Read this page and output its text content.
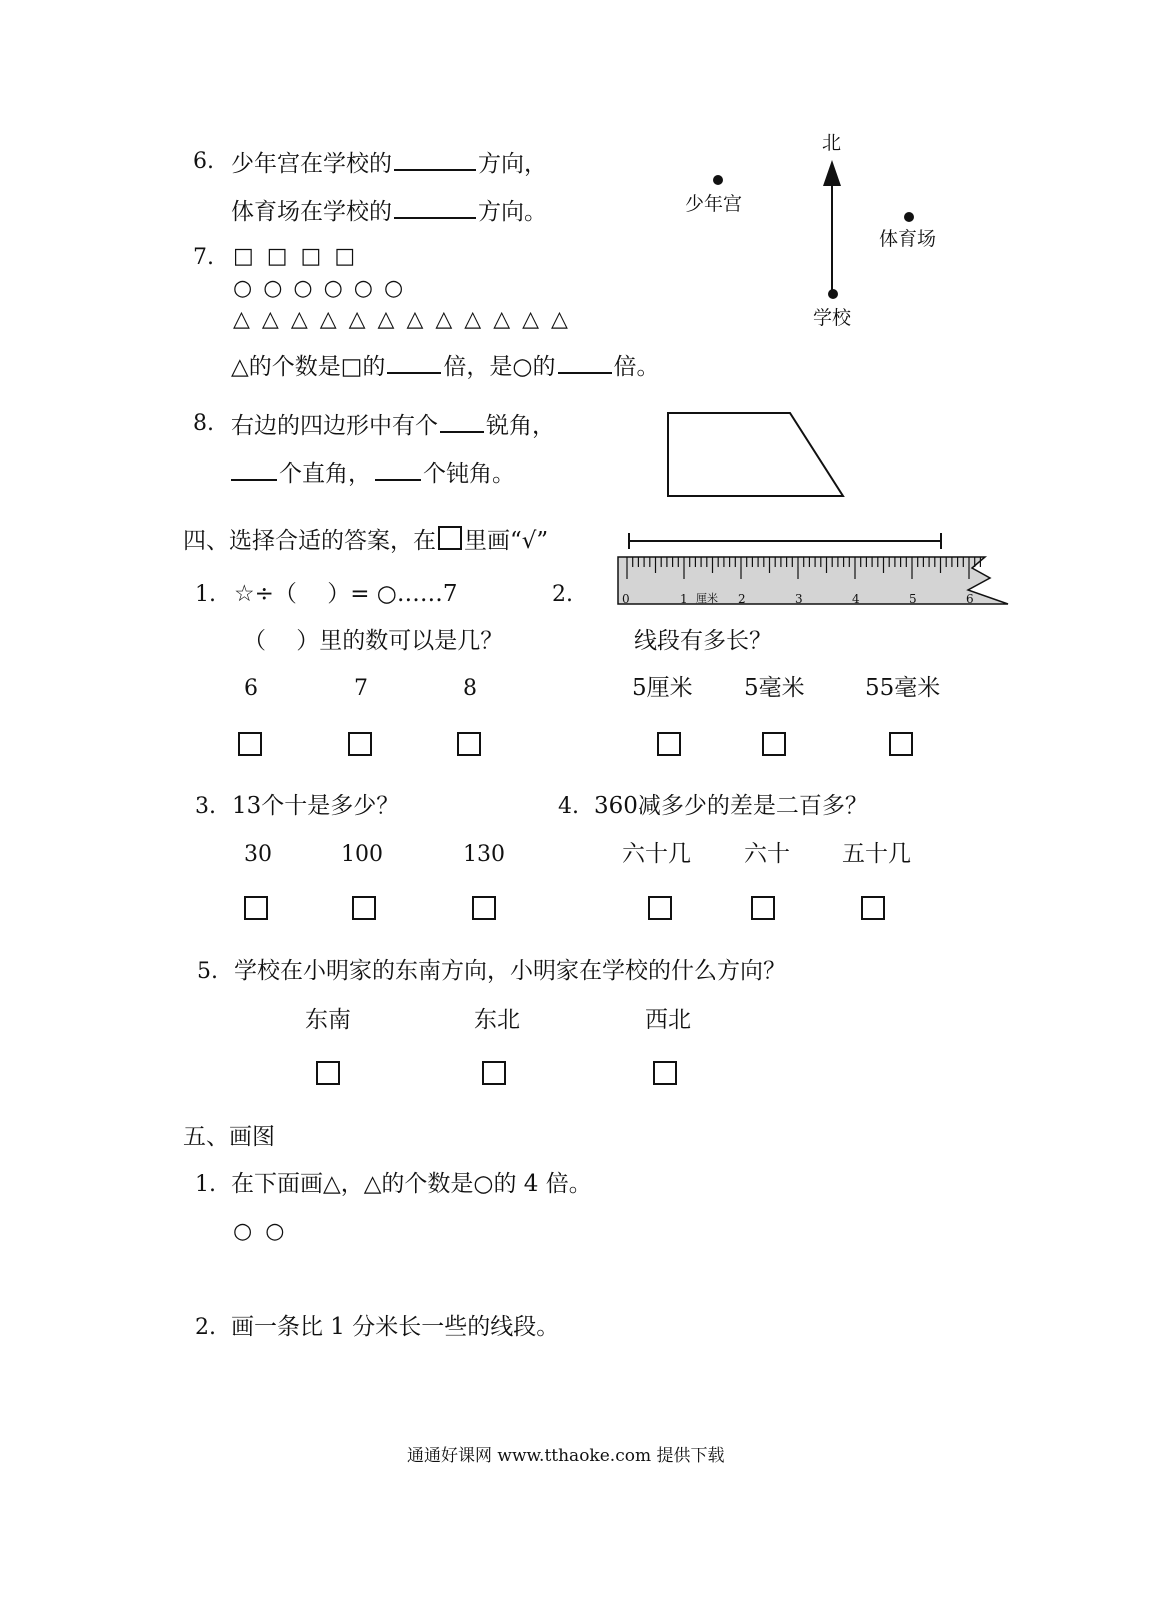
6. 少年宫在学校的	方向，
体育场在学校的	方向。
北
少年宫
体育场
学校
7. □ □ □ □
○ ○ ○ ○ ○ ○
△ △ △ △ △ △ △ △ △ △ △ △
△的个数是□的	倍，是○的	倍。
8. 右边的四边形中有个 锐角，
个直角， 个钝角。
四、选择合适的答案，在 里画“√”
0	1 厘米 2	3	4	5	6
1. ☆÷（　 ）= ○……7
（　 ）里的数可以是几？
6	7	8
2.
线段有多长？
5厘米 5毫米	55毫米
3. 13个十是多少？
30	100	130
4. 360减多少的差是二百多？
六十几 六十 五十几
5. 学校在小明家的东南方向，小明家在学校的什么方向？
东南	东北	西北
五、画图
1. 在下面画△，△的个数是○的 4 倍。
○ ○
2. 画一条比 1 分米长一些的线段。
通通好课网 www.tthaoke.com 提供下载
